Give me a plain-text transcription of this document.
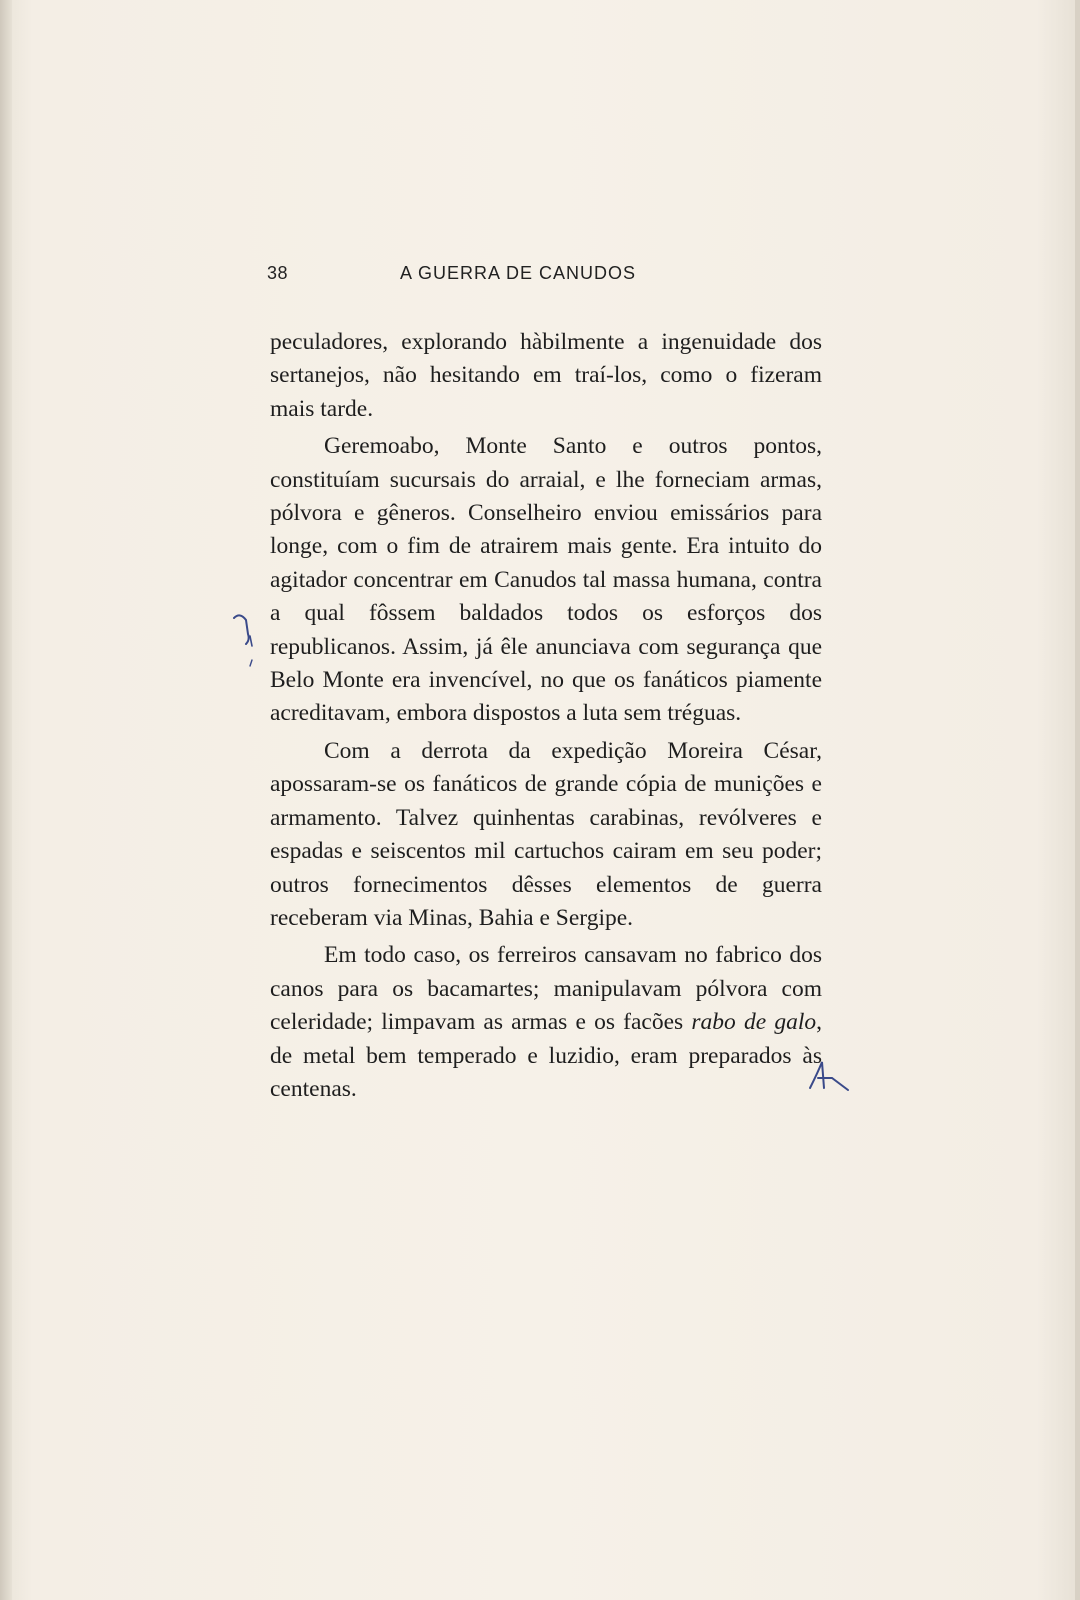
38	A GUERRA DE CANUDOS

peculadores, explorando hàbilmente a ingenuidade dos sertanejos, não hesitando em traí-los, como o fizeram mais tarde.

Geremoabo, Monte Santo e outros pontos, constituíam sucursais do arraial, e lhe forneciam armas, pólvora e gêneros. Conselheiro enviou emissários para longe, com o fim de atrairem mais gente. Era intuito do agitador concentrar em Canudos tal massa humana, contra a qual fôssem baldados todos os esforços dos republicanos. Assim, já êle anunciava com segurança que Belo Monte era invencível, no que os fanáticos piamente acreditavam, embora dispostos a luta sem tréguas.

Com a derrota da expedição Moreira César, apossaram-se os fanáticos de grande cópia de munições e armamento. Talvez quinhentas carabinas, revólveres e espadas e seiscentos mil cartuchos cairam em seu poder; outros fornecimentos dêsses elementos de guerra receberam via Minas, Bahia e Sergipe.

Em todo caso, os ferreiros cansavam no fabrico dos canos para os bacamartes; manipulavam pólvora com celeridade; limpavam as armas e os facões rabo de galo, de metal bem temperado e luzidio, eram preparados às centenas.
